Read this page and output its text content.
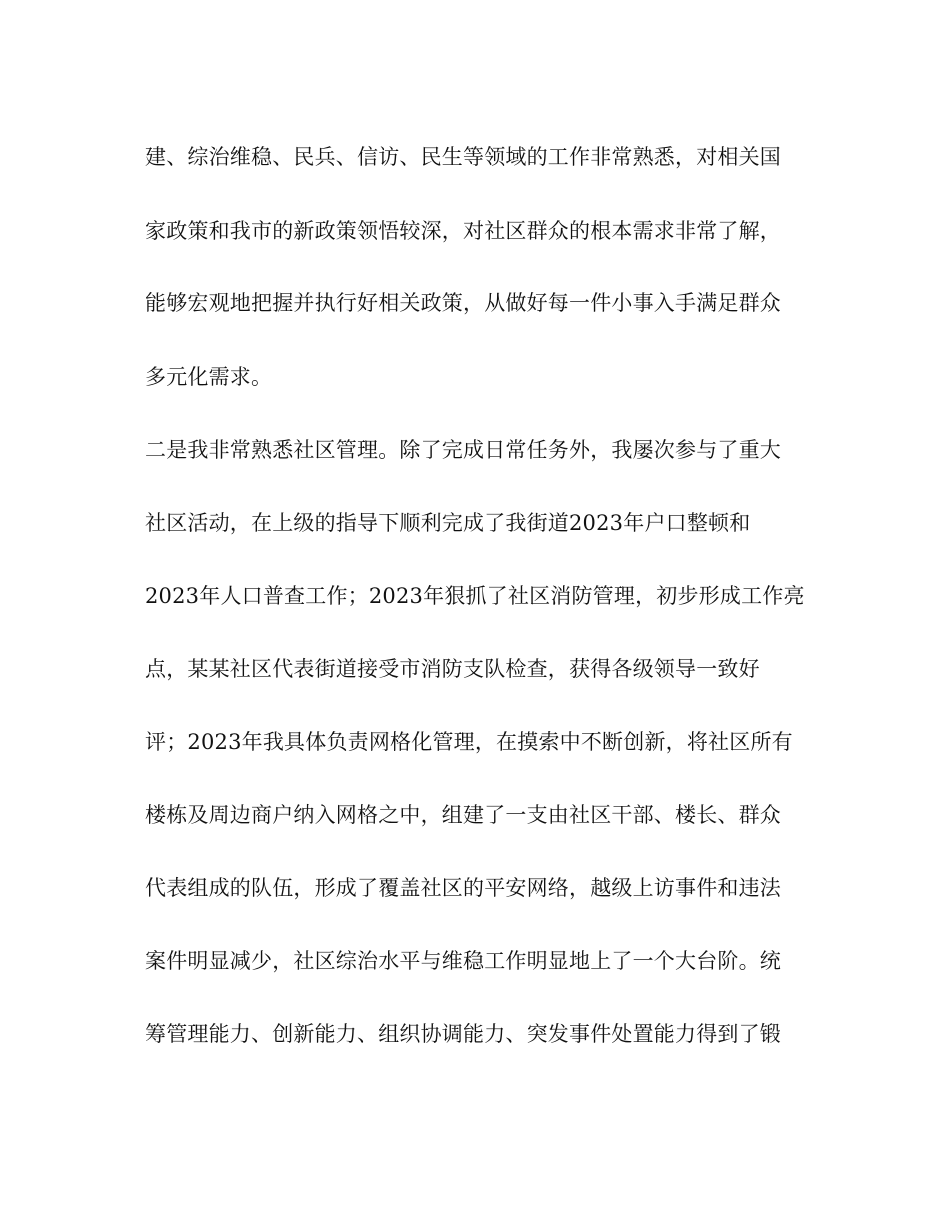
建、综治维稳、民兵、信访、民生等领域的工作非常熟悉，对相关国
家政策和我市的新政策领悟较深，对社区群众的根本需求非常了解，
能够宏观地把握并执行好相关政策，从做好每一件小事入手满足群众
多元化需求。
二是我非常熟悉社区管理。除了完成日常任务外，我屡次参与了重大
社区活动，在上级的指导下顺利完成了我街道2023年户口整顿和
2023年人口普查工作；2023年狠抓了社区消防管理，初步形成工作亮
点，某某社区代表街道接受市消防支队检查，获得各级领导一致好
评；2023年我具体负责网格化管理，在摸索中不断创新，将社区所有
楼栋及周边商户纳入网格之中，组建了一支由社区干部、楼长、群众
代表组成的队伍，形成了覆盖社区的平安网络，越级上访事件和违法
案件明显减少，社区综治水平与维稳工作明显地上了一个大台阶。统
筹管理能力、创新能力、组织协调能力、突发事件处置能力得到了锻
